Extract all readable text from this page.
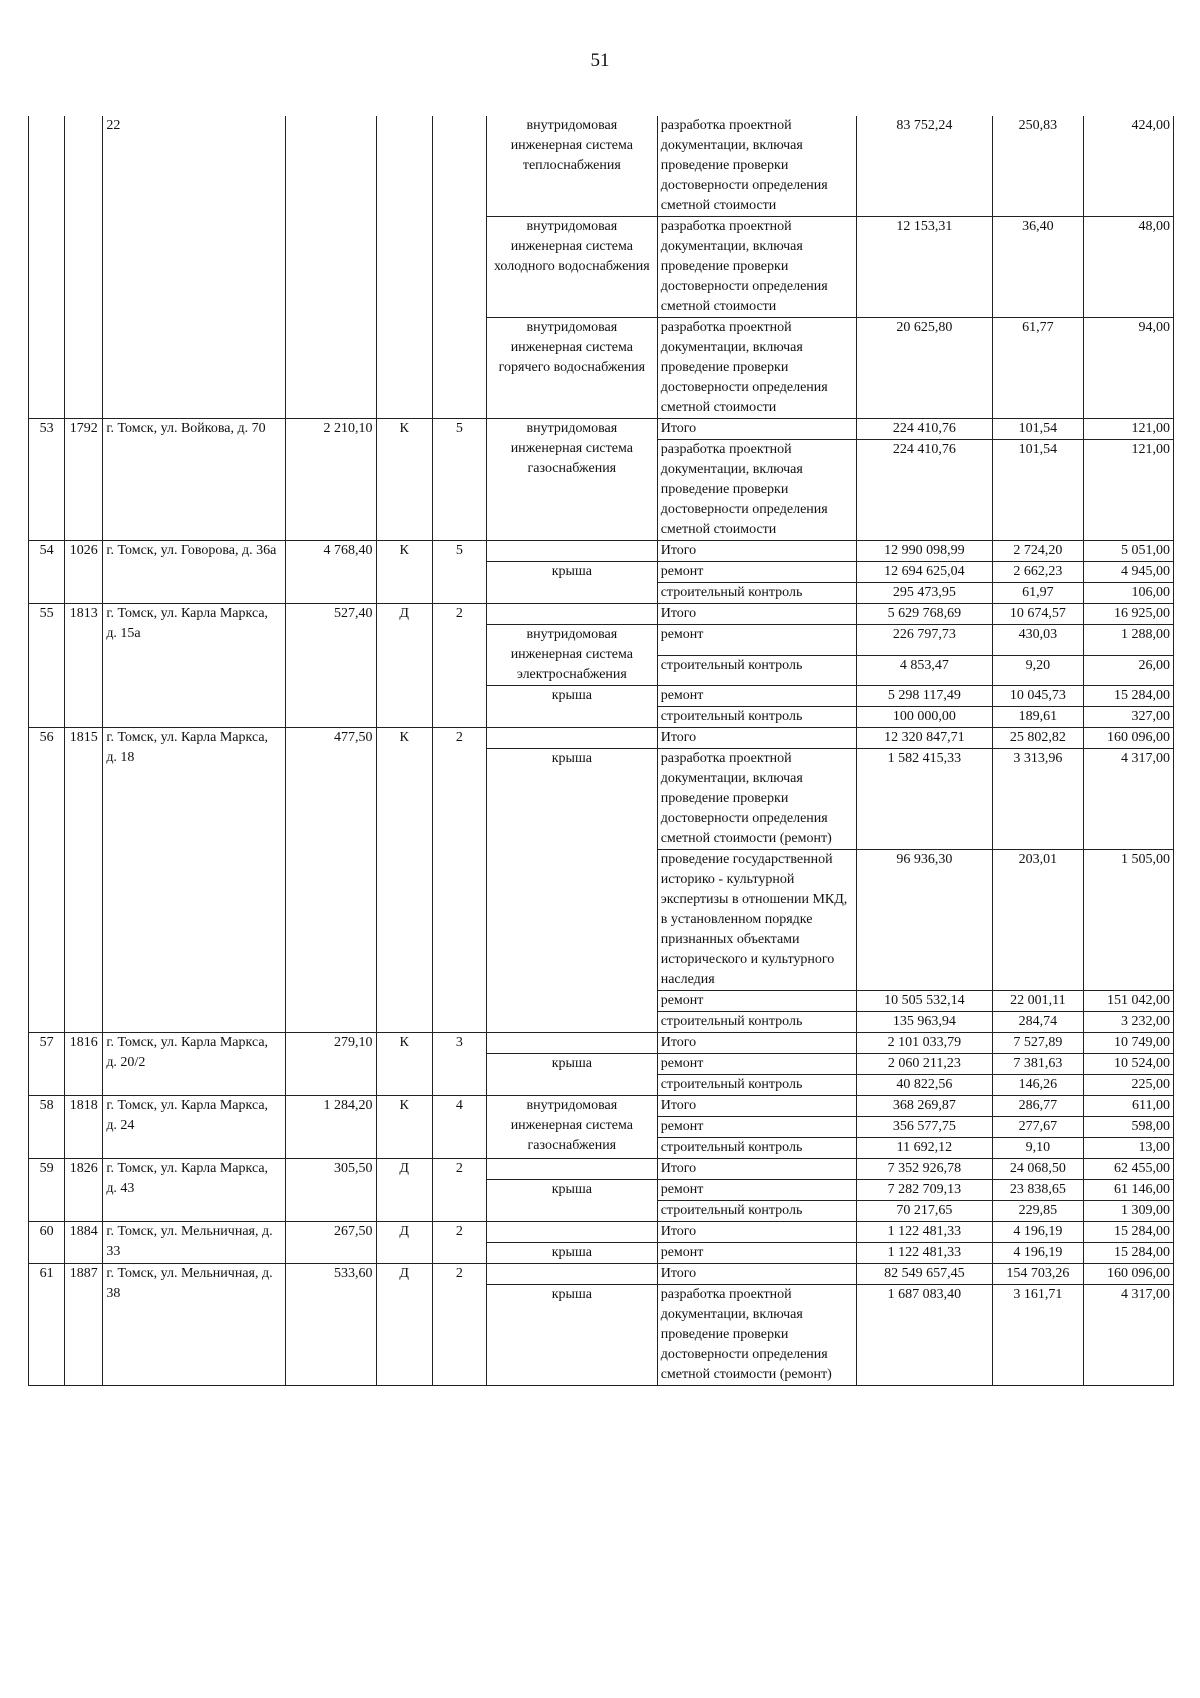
51
		22				внутридомовая инженерная система теплоснабжения	разработка проектной документации, включая проведение проверки достоверности определения сметной стоимости	83 752,24	250,83	424,00
						внутридомовая инженерная система холодного водоснабжения	разработка проектной документации, включая проведение проверки достоверности определения сметной стоимости	12 153,31	36,40	48,00
						внутридомовая инженерная система горячего водоснабжения	разработка проектной документации, включая проведение проверки достоверности определения сметной стоимости	20 625,80	61,77	94,00
53	1792	г. Томск, ул. Войкова, д. 70	2 210,10	К	5	внутридомовая инженерная система газоснабжения	Итого	224 410,76	101,54	121,00
							разработка проектной документации, включая проведение проверки достоверности определения сметной стоимости	224 410,76	101,54	121,00
54	1026	г. Томск, ул. Говорова, д. 36а	4 768,40	К	5		Итого	12 990 098,99	2 724,20	5 051,00
						крыша	ремонт	12 694 625,04	2 662,23	4 945,00
							строительный контроль	295 473,95	61,97	106,00
55	1813	г. Томск, ул. Карла Маркса, д. 15а	527,40	Д	2		Итого	5 629 768,69	10 674,57	16 925,00
						внутридомовая инженерная система электроснабжения	ремонт	226 797,73	430,03	1 288,00
							строительный контроль	4 853,47	9,20	26,00
						крыша	ремонт	5 298 117,49	10 045,73	15 284,00
							строительный контроль	100 000,00	189,61	327,00
56	1815	г. Томск, ул. Карла Маркса, д. 18	477,50	К	2		Итого	12 320 847,71	25 802,82	160 096,00
						крыша	разработка проектной документации, включая проведение проверки достоверности определения сметной стоимости (ремонт)	1 582 415,33	3 313,96	4 317,00
							проведение государственной историко - культурной экспертизы в отношении МКД, в установленном порядке признанных объектами исторического и культурного наследия	96 936,30	203,01	1 505,00
							ремонт	10 505 532,14	22 001,11	151 042,00
							строительный контроль	135 963,94	284,74	3 232,00
57	1816	г. Томск, ул. Карла Маркса, д. 20/2	279,10	К	3		Итого	2 101 033,79	7 527,89	10 749,00
						крыша	ремонт	2 060 211,23	7 381,63	10 524,00
							строительный контроль	40 822,56	146,26	225,00
58	1818	г. Томск, ул. Карла Маркса, д. 24	1 284,20	К	4	внутридомовая инженерная система газоснабжения	Итого	368 269,87	286,77	611,00
							ремонт	356 577,75	277,67	598,00
							строительный контроль	11 692,12	9,10	13,00
59	1826	г. Томск, ул. Карла Маркса, д. 43	305,50	Д	2		Итого	7 352 926,78	24 068,50	62 455,00
						крыша	ремонт	7 282 709,13	23 838,65	61 146,00
							строительный контроль	70 217,65	229,85	1 309,00
60	1884	г. Томск, ул. Мельничная, д. 33	267,50	Д	2		Итого	1 122 481,33	4 196,19	15 284,00
						крыша	ремонт	1 122 481,33	4 196,19	15 284,00
61	1887	г. Томск, ул. Мельничная, д. 38	533,60	Д	2		Итого	82 549 657,45	154 703,26	160 096,00
						крыша	разработка проектной документации, включая проведение проверки достоверности определения сметной стоимости (ремонт)	1 687 083,40	3 161,71	4 317,00
